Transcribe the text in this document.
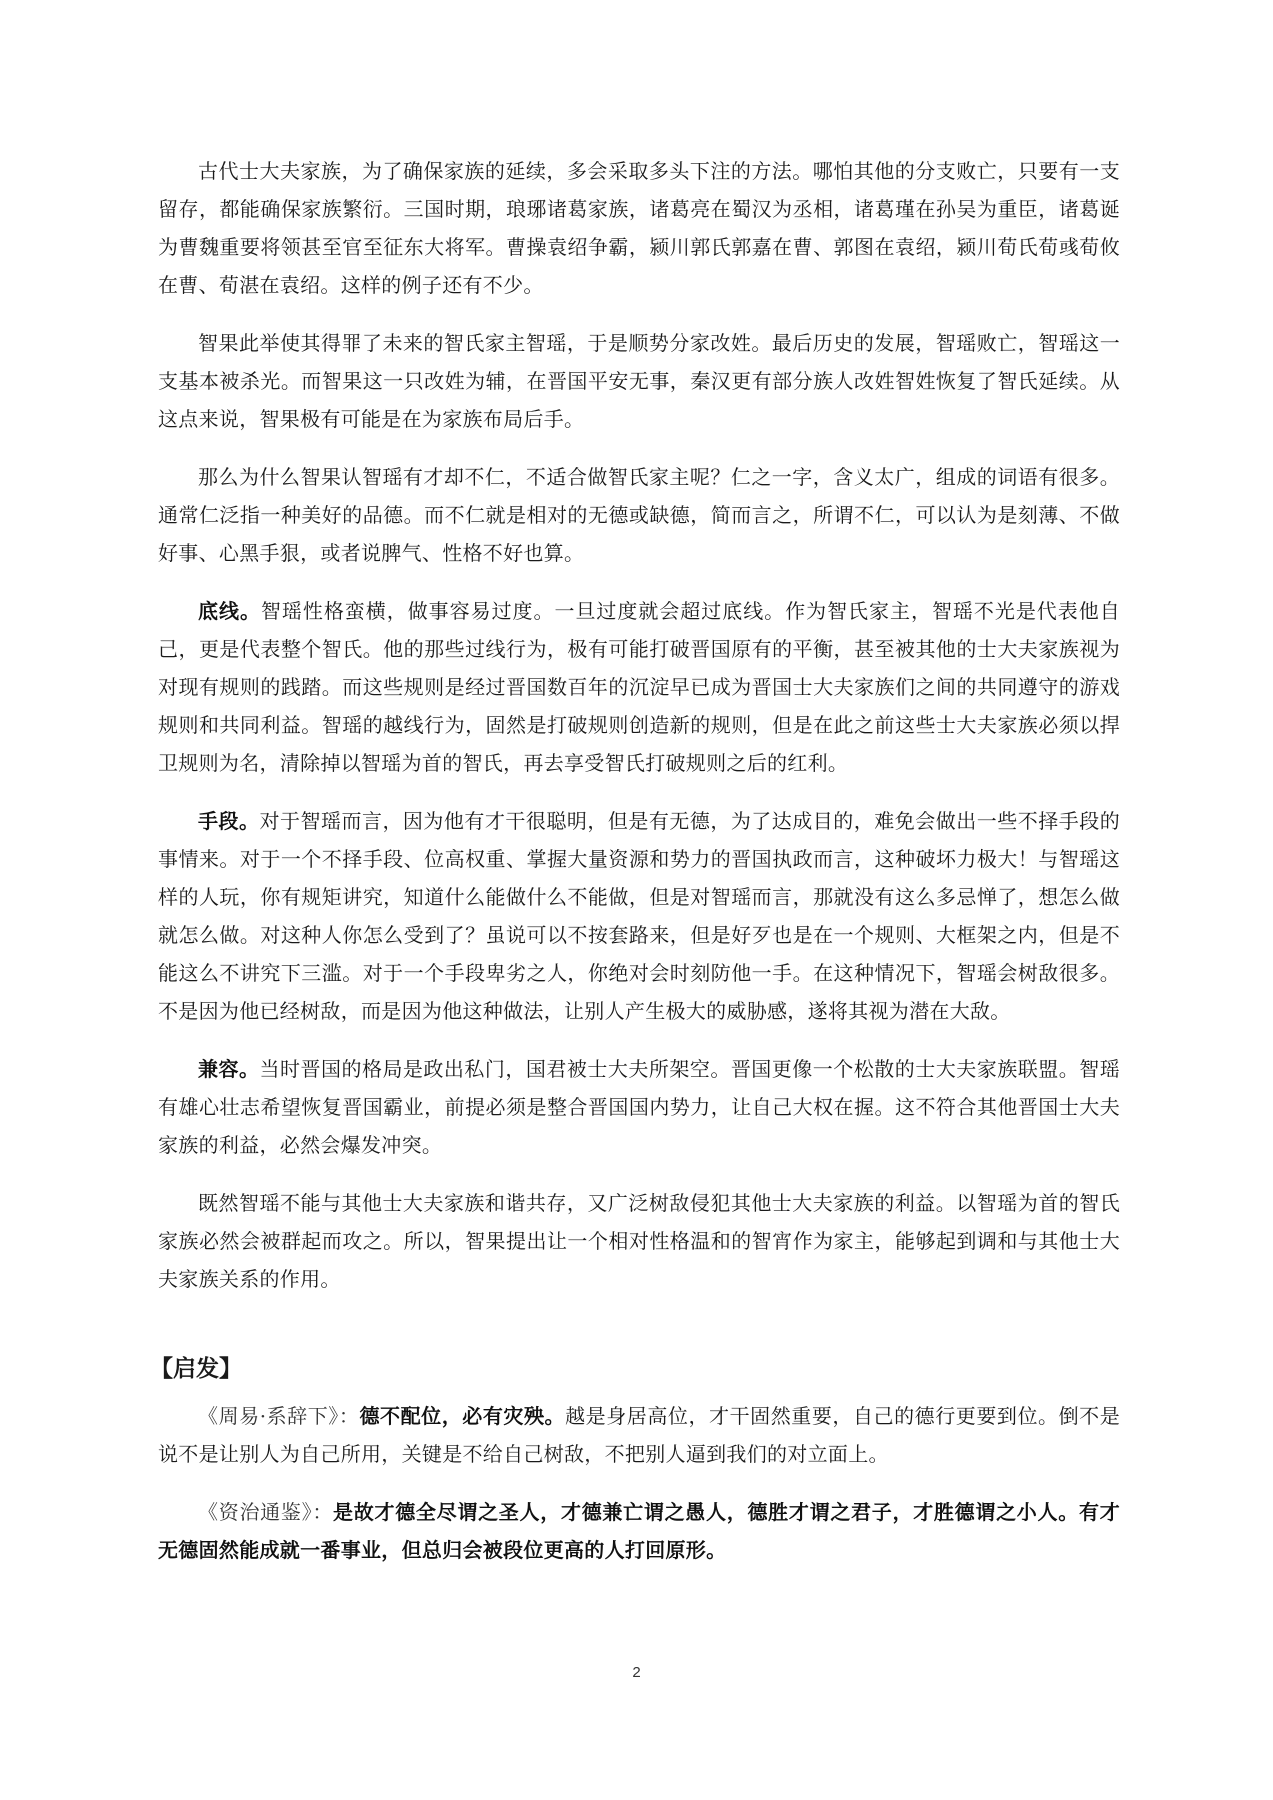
古代士大夫家族，为了确保家族的延续，多会采取多头下注的方法。哪怕其他的分支败亡，只要有一支留存，都能确保家族繁衍。三国时期，琅琊诸葛家族，诸葛亮在蜀汉为丞相，诸葛瑾在孙吴为重臣，诸葛诞为曹魏重要将领甚至官至征东大将军。曹操袁绍争霸，颍川郭氏郭嘉在曹、郭图在袁绍，颍川荀氏荀彧荀攸在曹、荀湛在袁绍。这样的例子还有不少。

智果此举使其得罪了未来的智氏家主智瑶，于是顺势分家改姓。最后历史的发展，智瑶败亡，智瑶这一支基本被杀光。而智果这一只改姓为辅，在晋国平安无事，秦汉更有部分族人改姓智姓恢复了智氏延续。从这点来说，智果极有可能是在为家族布局后手。

那么为什么智果认智瑶有才却不仁，不适合做智氏家主呢？仁之一字，含义太广，组成的词语有很多。通常仁泛指一种美好的品德。而不仁就是相对的无德或缺德，简而言之，所谓不仁，可以认为是刻薄、不做好事、心黑手狠，或者说脾气、性格不好也算。

底线。智瑶性格蛮横，做事容易过度。一旦过度就会超过底线。作为智氏家主，智瑶不光是代表他自己，更是代表整个智氏。他的那些过线行为，极有可能打破晋国原有的平衡，甚至被其他的士大夫家族视为对现有规则的践踏。而这些规则是经过晋国数百年的沉淀早已成为晋国士大夫家族们之间的共同遵守的游戏规则和共同利益。智瑶的越线行为，固然是打破规则创造新的规则，但是在此之前这些士大夫家族必须以捍卫规则为名，清除掉以智瑶为首的智氏，再去享受智氏打破规则之后的红利。

手段。对于智瑶而言，因为他有才干很聪明，但是有无德，为了达成目的，难免会做出一些不择手段的事情来。对于一个不择手段、位高权重、掌握大量资源和势力的晋国执政而言，这种破坏力极大！与智瑶这样的人玩，你有规矩讲究，知道什么能做什么不能做，但是对智瑶而言，那就没有这么多忌惮了，想怎么做就怎么做。对这种人你怎么受到了？虽说可以不按套路来，但是好歹也是在一个规则、大框架之内，但是不能这么不讲究下三滥。对于一个手段卑劣之人，你绝对会时刻防他一手。在这种情况下，智瑶会树敌很多。不是因为他已经树敌，而是因为他这种做法，让别人产生极大的威胁感，遂将其视为潜在大敌。

兼容。当时晋国的格局是政出私门，国君被士大夫所架空。晋国更像一个松散的士大夫家族联盟。智瑶有雄心壮志希望恢复晋国霸业，前提必须是整合晋国国内势力，让自己大权在握。这不符合其他晋国士大夫家族的利益，必然会爆发冲突。

既然智瑶不能与其他士大夫家族和谐共存，又广泛树敌侵犯其他士大夫家族的利益。以智瑶为首的智氏家族必然会被群起而攻之。所以，智果提出让一个相对性格温和的智宵作为家主，能够起到调和与其他士大夫家族关系的作用。

【启发】

《周易·系辞下》：德不配位，必有灾殃。越是身居高位，才干固然重要，自己的德行更要到位。倒不是说不是让别人为自己所用，关键是不给自己树敌，不把别人逼到我们的对立面上。

《资治通鉴》：是故才德全尽谓之圣人，才德兼亡谓之愚人，德胜才谓之君子，才胜德谓之小人。有才无德固然能成就一番事业，但总归会被段位更高的人打回原形。

2
